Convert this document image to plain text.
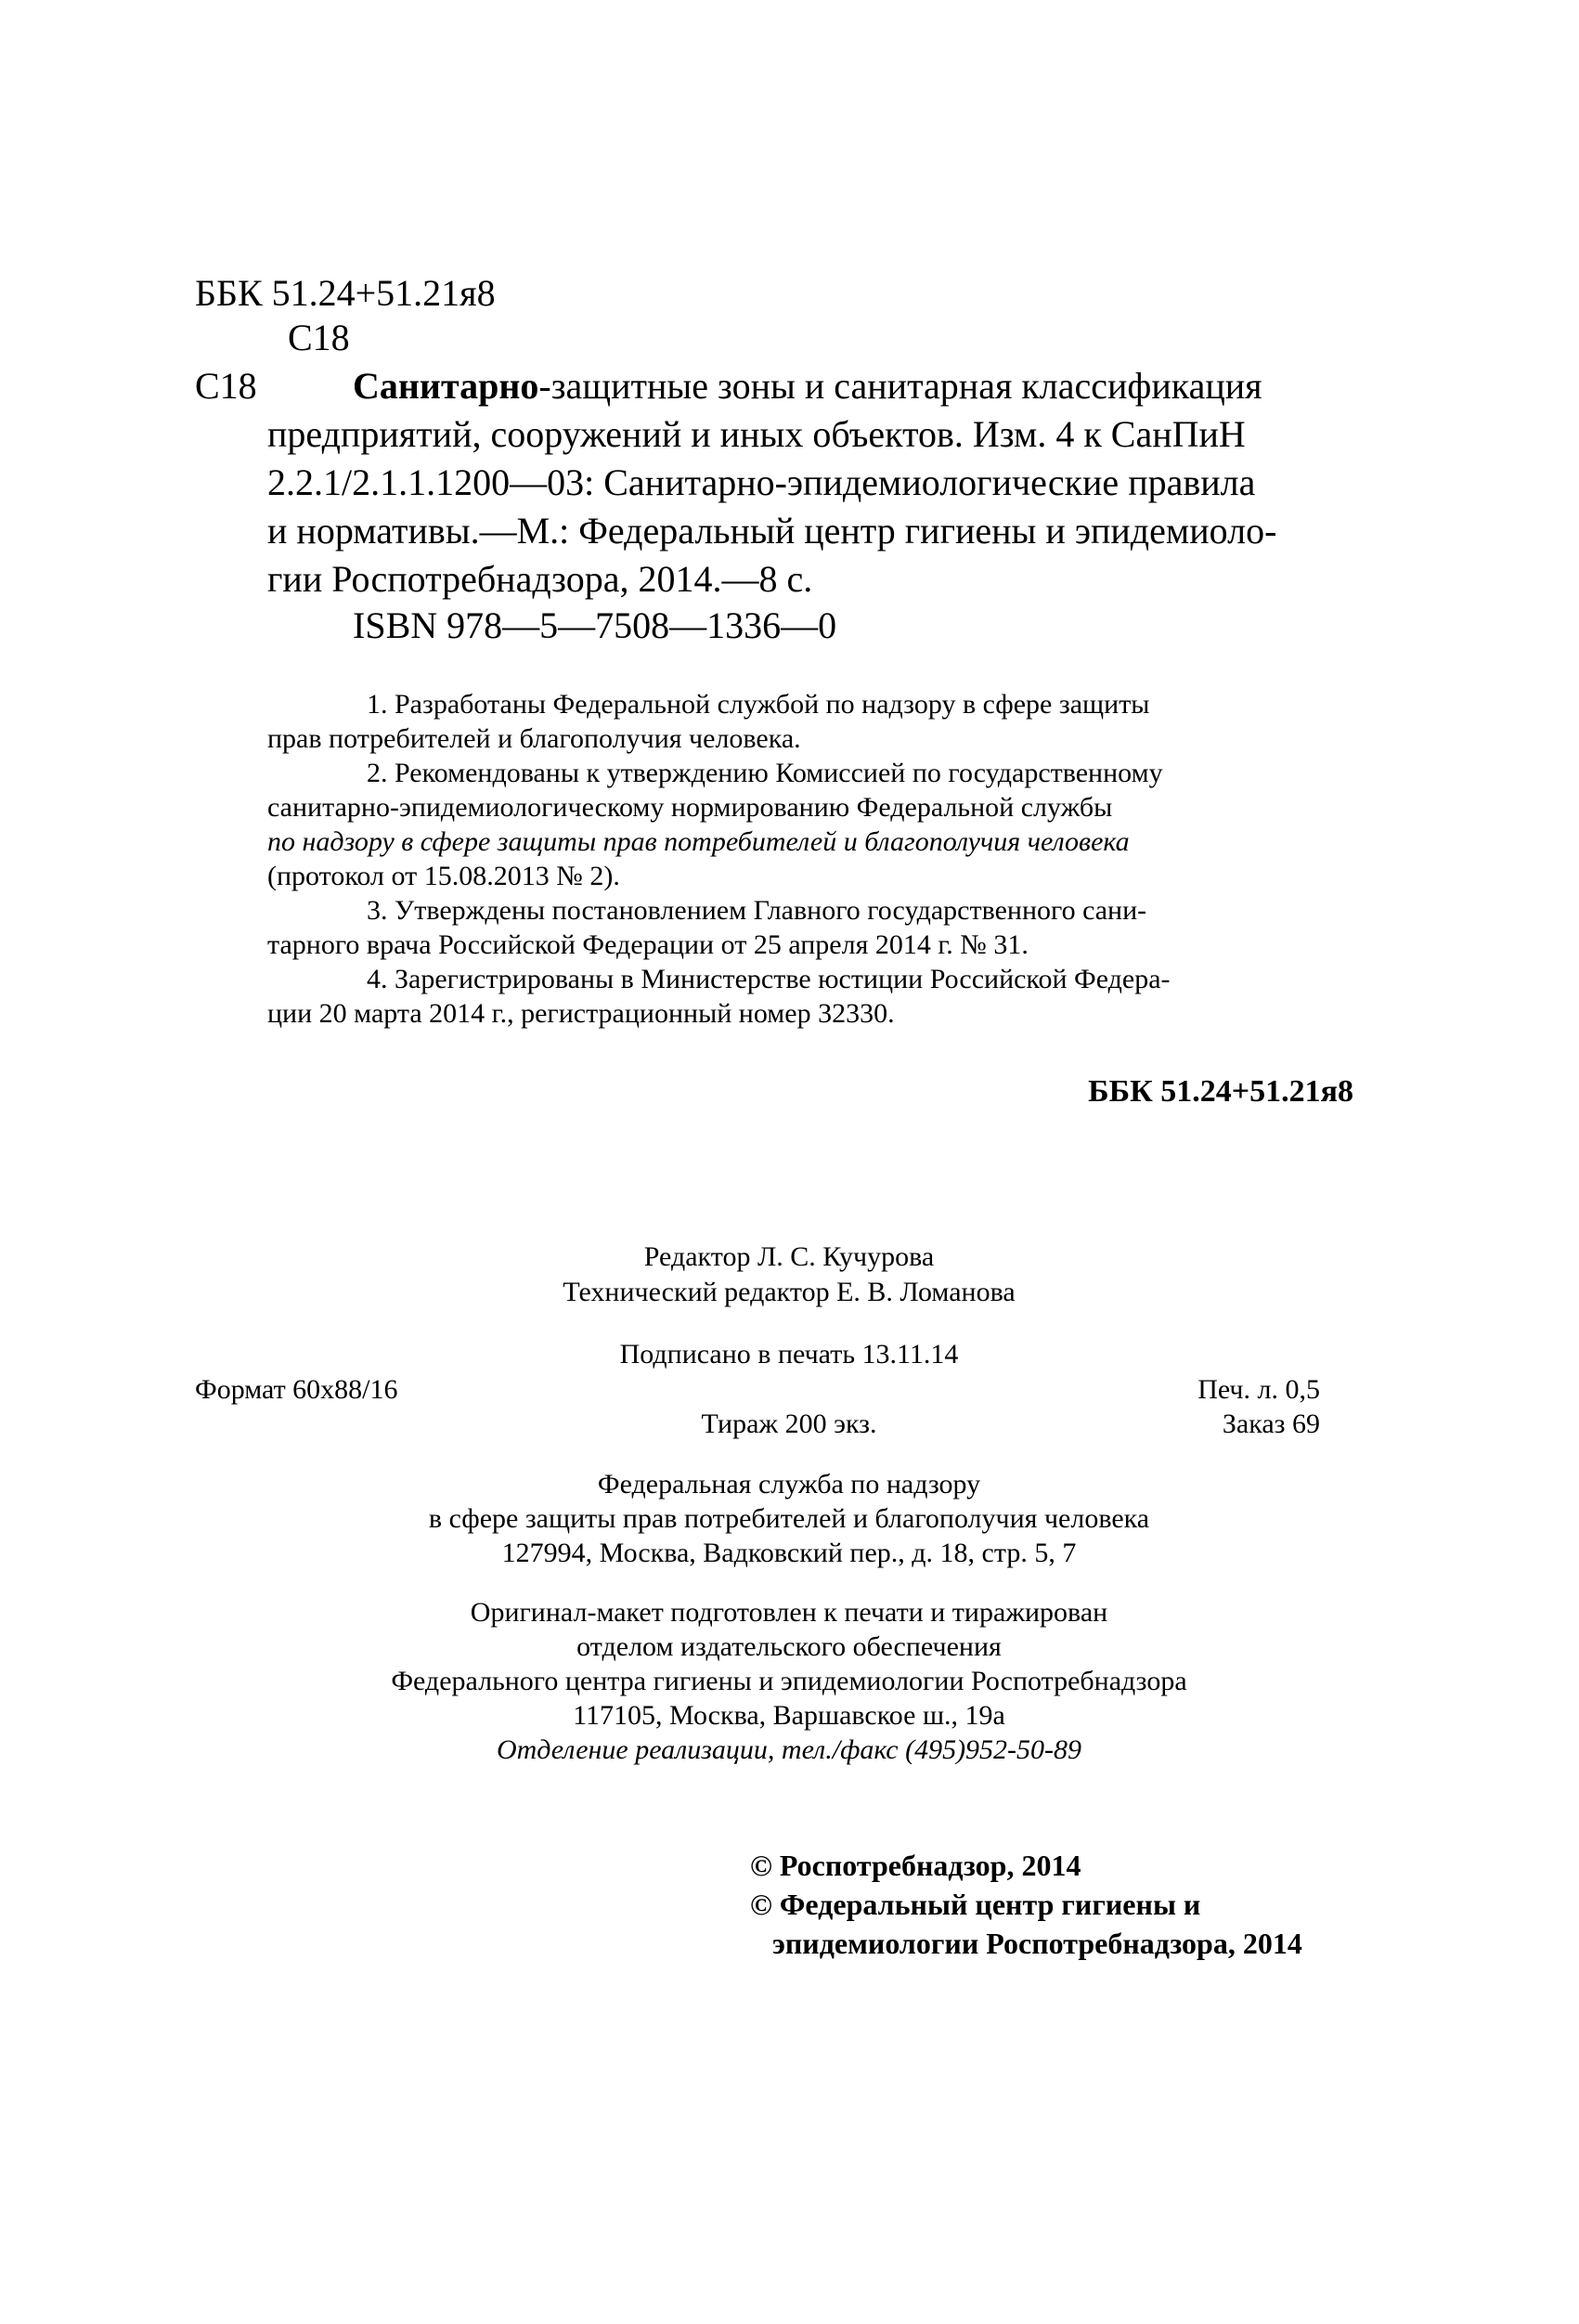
ББК 51.24+51.21я8
С18
С18	Санитарно-защитные зоны и санитарная классификация
предприятий, сооружений и иных объектов. Изм. 4 к СанПиН
2.2.1/2.1.1.1200—03: Санитарно-эпидемиологические правила
и нормативы.—М.: Федеральный центр гигиены и эпидемиоло-
гии Роспотребнадзора, 2014.—8 с.
ISBN 978—5—7508—1336—0
1. Разработаны Федеральной службой по надзору в сфере защиты
прав потребителей и благополучия человека.
2. Рекомендованы к утверждению Комиссией по государственному
санитарно-эпидемиологическому нормированию Федеральной службы
по надзору в сфере защиты прав потребителей и благополучия человека
(протокол от 15.08.2013 № 2).
3. Утверждены постановлением Главного государственного сани-
тарного врача Российской Федерации от 25 апреля 2014 г. № 31.
4. Зарегистрированы в Министерстве юстиции Российской Федера-
ции 20 марта 2014 г., регистрационный номер 32330.
ББК 51.24+51.21я8
Редактор Л. С. Кучурова
Технический редактор Е. В. Ломанова
Подписано в печать 13.11.14
Формат 60x88/16	Печ. л. 0,5
Тираж 200 экз.	Заказ 69
Федеральная служба по надзору
в сфере защиты прав потребителей и благополучия человека
127994, Москва, Вадковский пер., д. 18, стр. 5, 7
Оригинал-макет подготовлен к печати и тиражирован
отделом издательского обеспечения
Федерального центра гигиены и эпидемиологии Роспотребнадзора
117105, Москва, Варшавское ш., 19а
Отделение реализации, тел./факс (495)952-50-89
© Роспотребнадзор, 2014
© Федеральный центр гигиены и
эпидемиологии Роспотребнадзора, 2014
